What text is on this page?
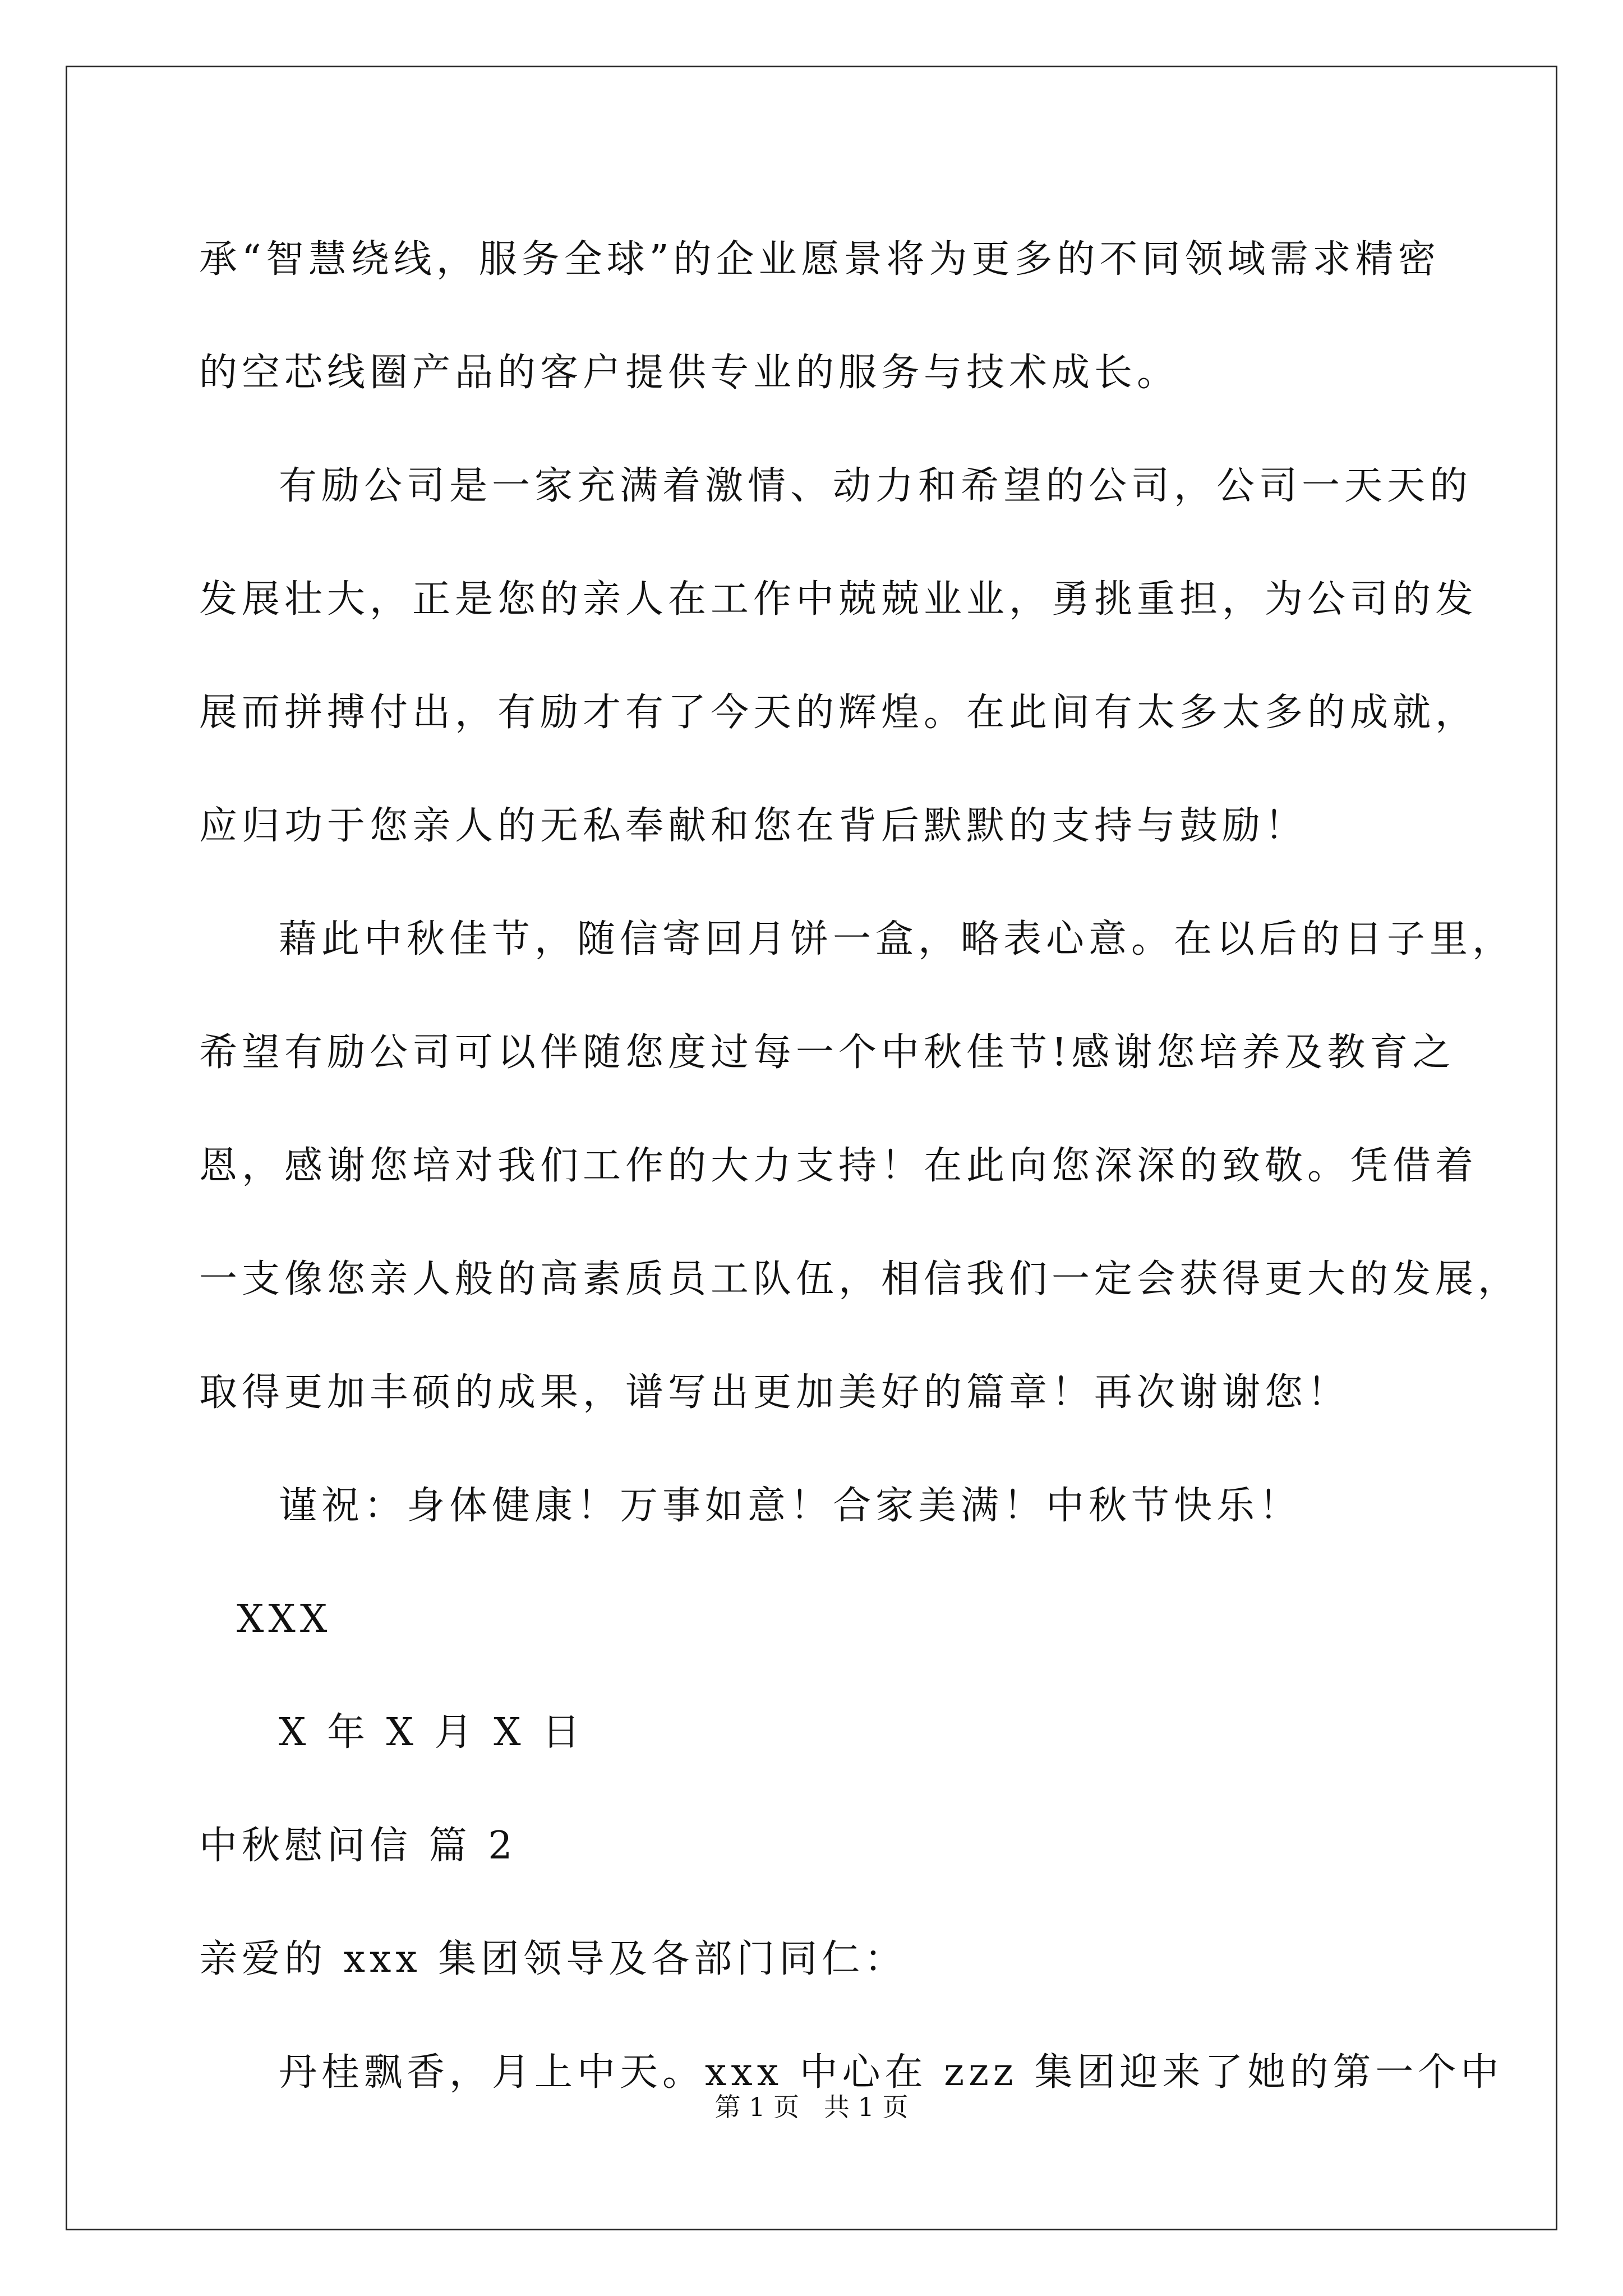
承“智慧绕线，服务全球”的企业愿景将为更多的不同领域需求精密
的空芯线圈产品的客户提供专业的服务与技术成长。
有励公司是一家充满着激情、动力和希望的公司，公司一天天的
发展壮大，正是您的亲人在工作中兢兢业业，勇挑重担，为公司的发
展而拼搏付出，有励才有了今天的辉煌。在此间有太多太多的成就，
应归功于您亲人的无私奉献和您在背后默默的支持与鼓励！
藉此中秋佳节，随信寄回月饼一盒，略表心意。在以后的日子里，
希望有励公司可以伴随您度过每一个中秋佳节!感谢您培养及教育之
恩，感谢您培对我们工作的大力支持！在此向您深深的致敬。凭借着
一支像您亲人般的高素质员工队伍，相信我们一定会获得更大的发展，
取得更加丰硕的成果，谱写出更加美好的篇章！再次谢谢您！
谨祝：身体健康！万事如意！合家美满！中秋节快乐！
XXX
X 年 X 月 X 日
中秋慰问信 篇 2
亲爱的 xxx 集团领导及各部门同仁：
丹桂飘香，月上中天。xxx 中心在 zzz 集团迎来了她的第一个中
第 1 页   共 1 页
